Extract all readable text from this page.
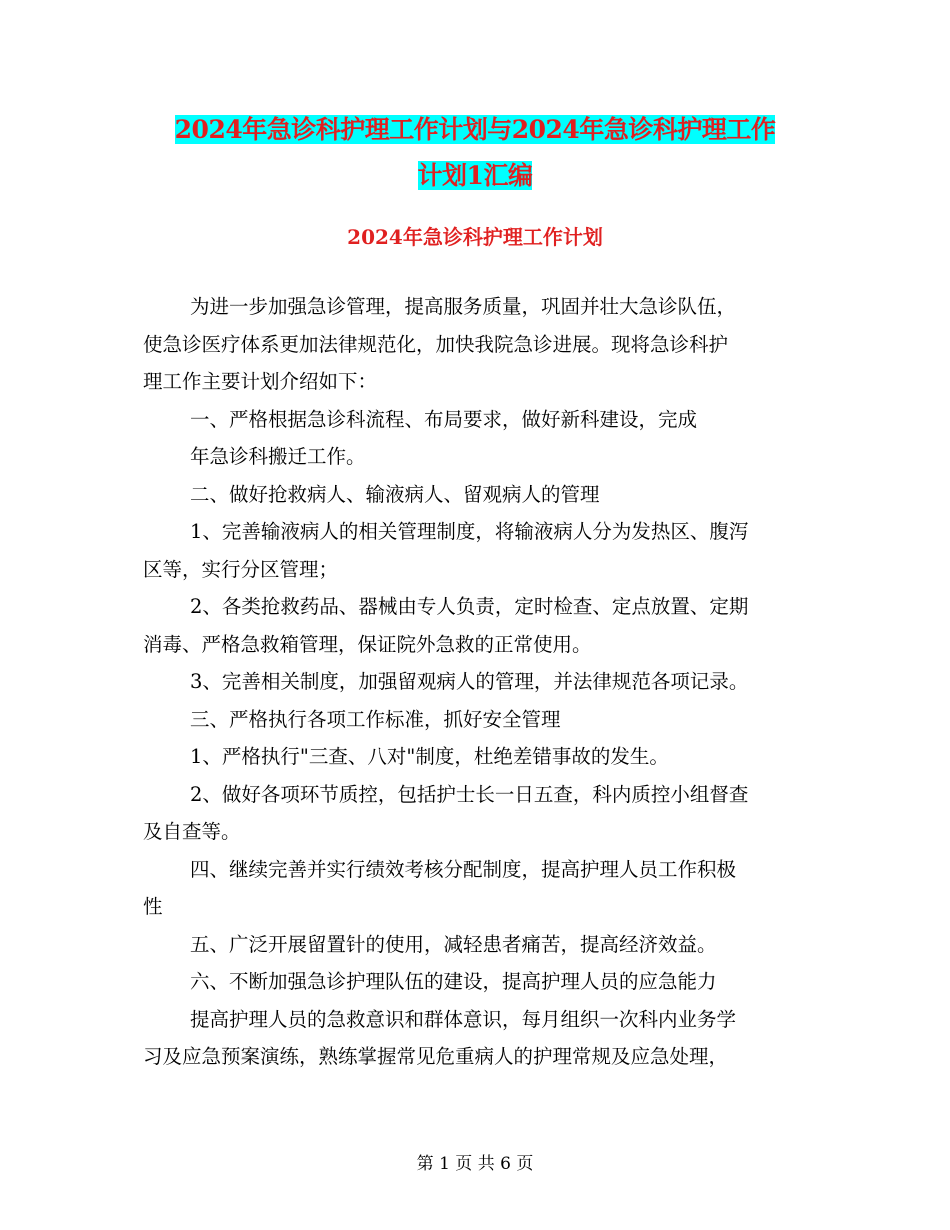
2024年急诊科护理工作计划与2024年急诊科护理工作
计划1汇编
2024年急诊科护理工作计划

为进一步加强急诊管理，提高服务质量，巩固并壮大急诊队伍，

使急诊医疗体系更加法律规范化，加快我院急诊进展。现将急诊科护

理工作主要计划介绍如下：

一、严格根据急诊科流程、布局要求，做好新科建设，完成

年急诊科搬迁工作。

二、做好抢救病人、输液病人、留观病人的管理

1、完善输液病人的相关管理制度，将输液病人分为发热区、腹泻

区等，实行分区管理；

2、各类抢救药品、器械由专人负责，定时检查、定点放置、定期

消毒、严格急救箱管理，保证院外急救的正常使用。

3、完善相关制度，加强留观病人的管理，并法律规范各项记录。

三、严格执行各项工作标准，抓好安全管理

1、严格执行"三查、八对"制度，杜绝差错事故的发生。

2、做好各项环节质控，包括护士长一日五查，科内质控小组督查

及自查等。

四、继续完善并实行绩效考核分配制度，提高护理人员工作积极

性

五、广泛开展留置针的使用，减轻患者痛苦，提高经济效益。

六、不断加强急诊护理队伍的建设，提高护理人员的应急能力

提高护理人员的急救意识和群体意识，每月组织一次科内业务学

习及应急预案演练，熟练掌握常见危重病人的护理常规及应急处理，

第 1 页 共 6 页
